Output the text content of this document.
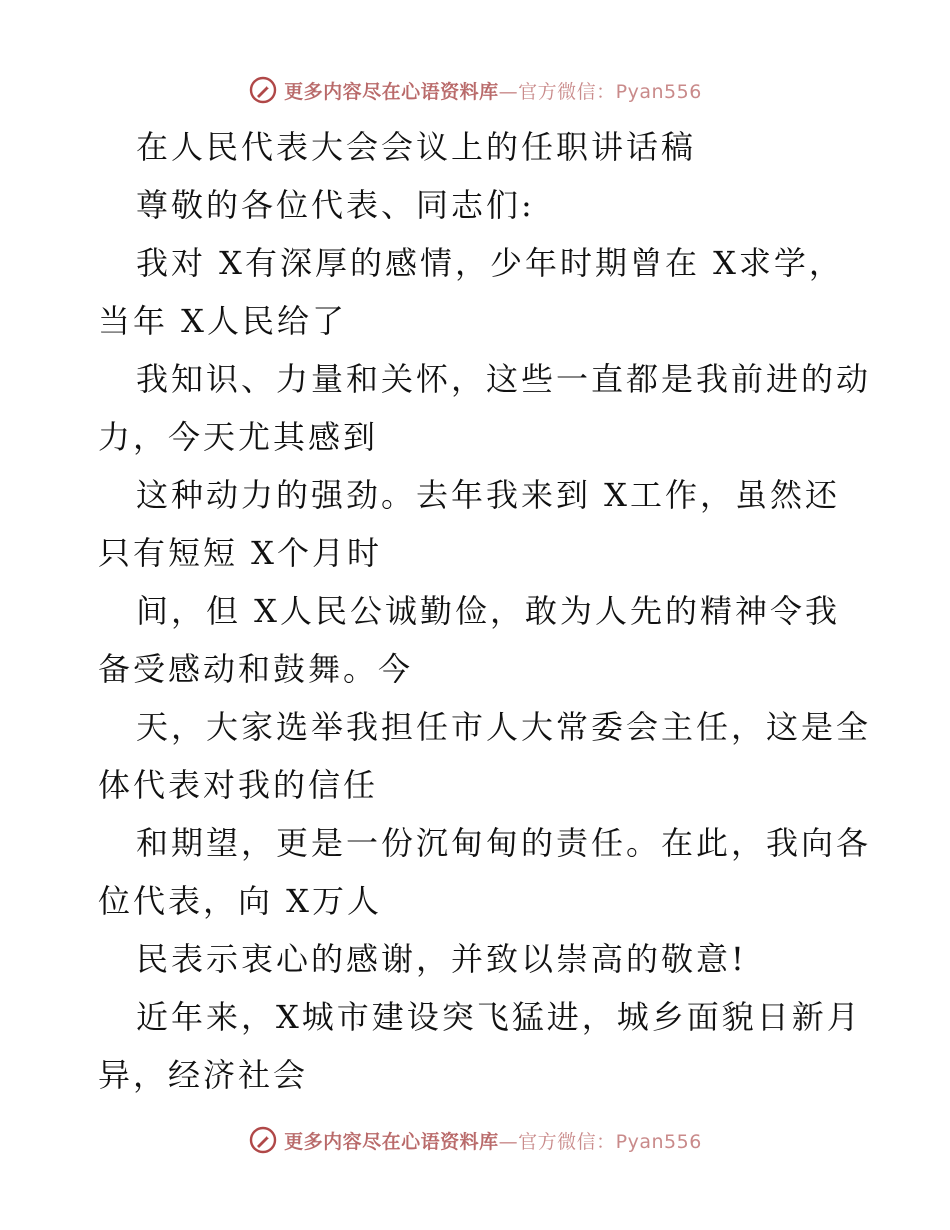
更多内容尽在心语资料库—官方微信：Pyan556
在人民代表大会会议上的任职讲话稿
尊敬的各位代表、同志们:
我对 X有深厚的感情，少年时期曾在 X求学，
当年 X人民给了
我知识、力量和关怀，这些一直都是我前进的动
力，今天尤其感到
这种动力的强劲。去年我来到 X工作，虽然还
只有短短 X个月时
间，但 X人民公诚勤俭，敢为人先的精神令我
备受感动和鼓舞。今
天，大家选举我担任市人大常委会主任，这是全
体代表对我的信任
和期望，更是一份沉甸甸的责任。在此，我向各
位代表，向 X万人
民表示衷心的感谢，并致以崇高的敬意!
近年来，X城市建设突飞猛进，城乡面貌日新月
异，经济社会
更多内容尽在心语资料库—官方微信：Pyan556
